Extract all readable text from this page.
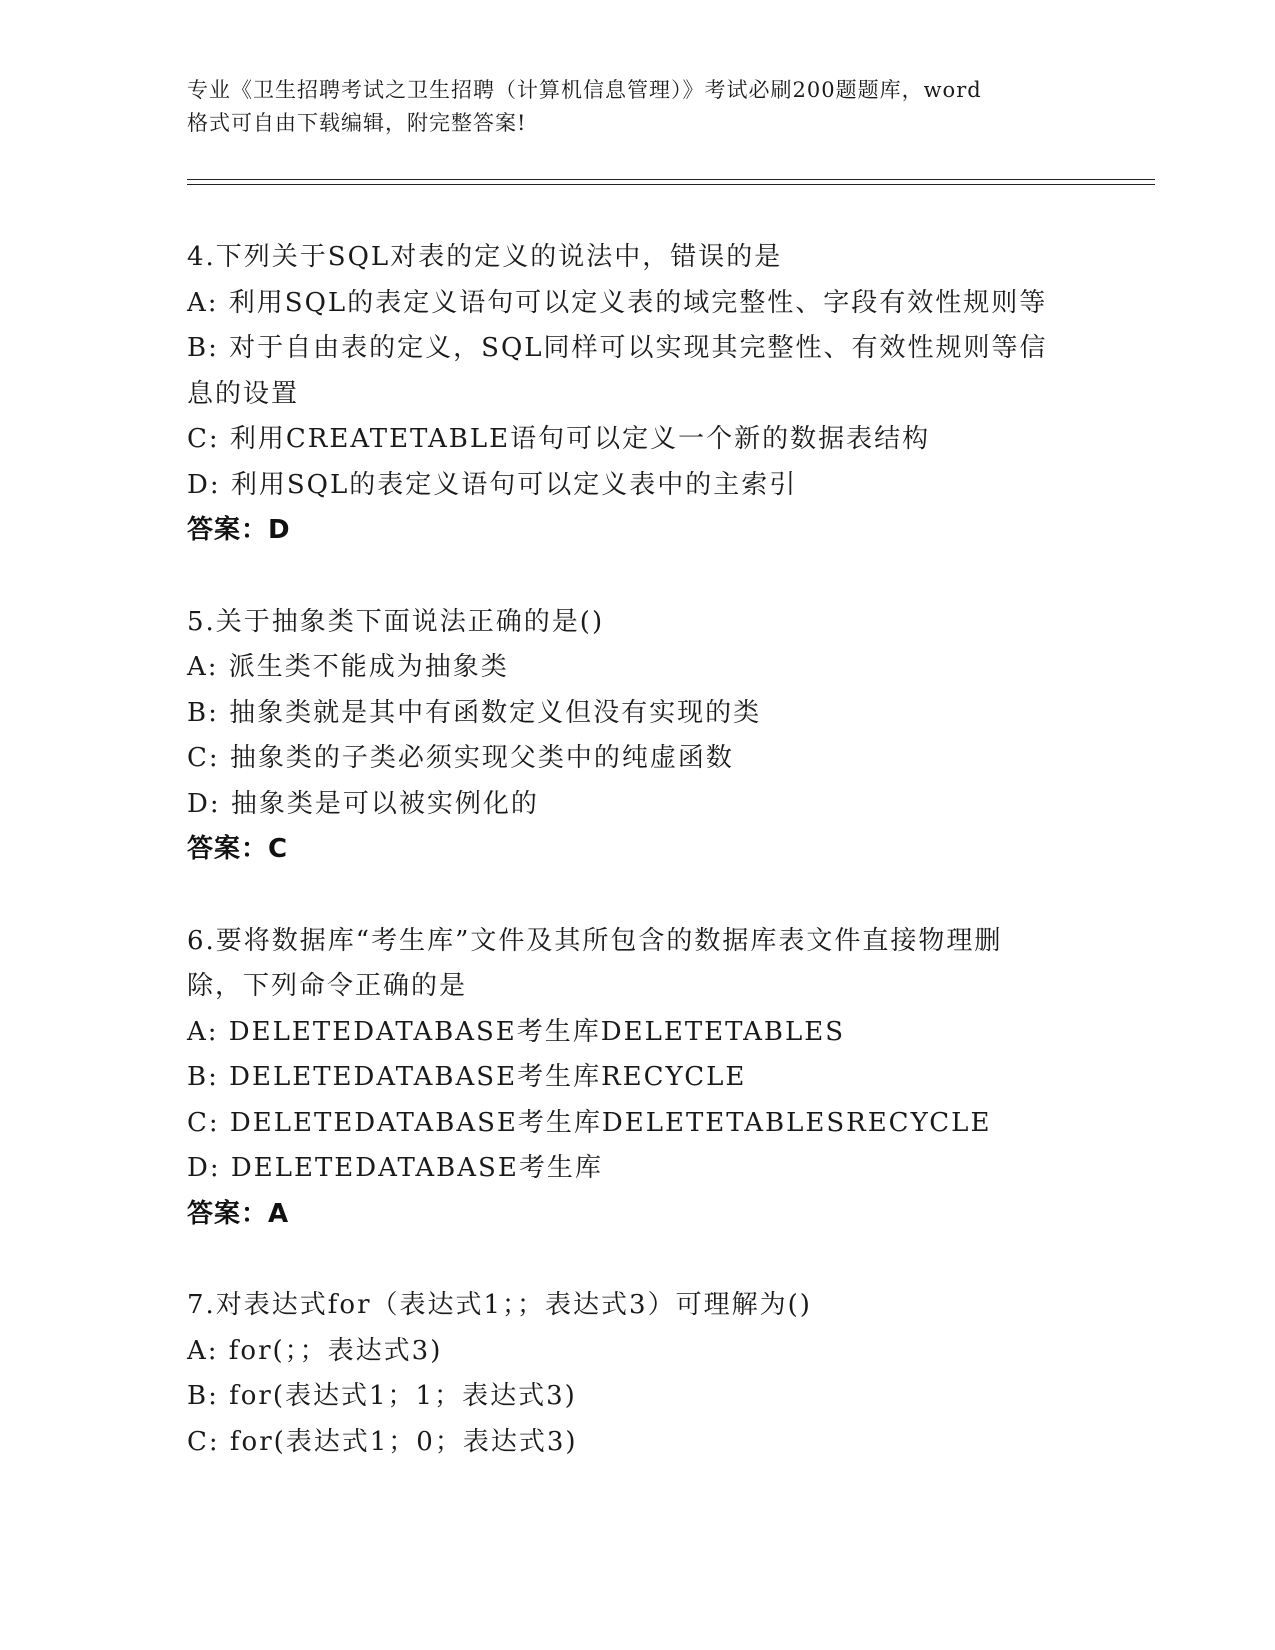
专业《卫生招聘考试之卫生招聘（计算机信息管理）》考试必刷200题题库，word
格式可自由下载编辑，附完整答案!
4.下列关于SQL对表的定义的说法中，错误的是
A: 利用SQL的表定义语句可以定义表的域完整性、字段有效性规则等
B: 对于自由表的定义，SQL同样可以实现其完整性、有效性规则等信
息的设置
C: 利用CREATETABLE语句可以定义一个新的数据表结构
D: 利用SQL的表定义语句可以定义表中的主索引
答案：D
5.关于抽象类下面说法正确的是()
A: 派生类不能成为抽象类
B: 抽象类就是其中有函数定义但没有实现的类
C: 抽象类的子类必须实现父类中的纯虚函数
D: 抽象类是可以被实例化的
答案：C
6.要将数据库“考生库”文件及其所包含的数据库表文件直接物理删
除，下列命令正确的是
A: DELETEDATABASE考生库DELETETABLES
B: DELETEDATABASE考生库RECYCLE
C: DELETEDATABASE考生库DELETETABLESRECYCLE
D: DELETEDATABASE考生库
答案：A
7.对表达式for（表达式1；；表达式3）可理解为()
A: for(；；表达式3)
B: for(表达式1；1；表达式3)
C: for(表达式1；0；表达式3)
